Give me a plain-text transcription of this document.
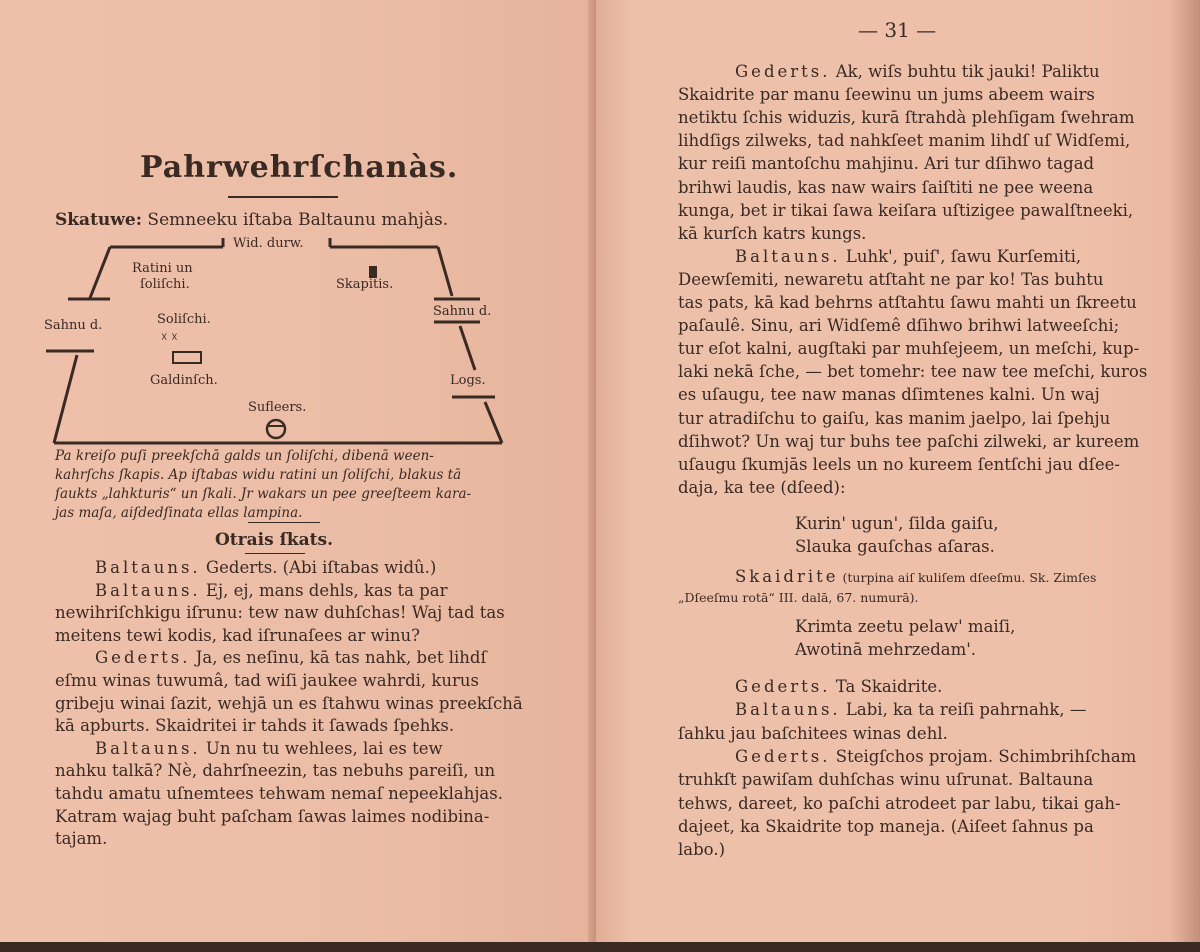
Pahrwehrſchanàs.
Skatuwe: Semneeku iſtaba Baltaunu mahjàs.
☓ ☓
Wid. durw.
Ratini un
ſoliſchi.	Skapitis.
Sahnu d.
Sahnu d.
Soliſchi.
Galdinſch.	Logs.
Sufleers.
Pa kreiſo puſi preekſchā galds un ſoliſchi, dibenā ween-
kahrſchs ſkapis. Ap iſtabas widu ratini un ſoliſchi, blakus tā
ſaukts „lahkturis“ un ſkali. Jr wakars un pee greeſteem kara-
jas maſa, aiſdedſinata ellas lampina.
Otrais ſkats.
Baltauns. Gederts. (Abi iſtabas widû.)
Baltauns. Ej, ej, mans dehls, kas ta par
newihriſchkigu iſrunu: tew naw duhſchas! Waj tad tas
meitens tewi kodis, kad iſrunaſees ar winu?
Gederts. Ja, es neſinu, kā tas nahk, bet lihdſ
eſmu winas tuwumâ, tad wiſi jaukee wahrdi, kurus
gribeju winai ſazit, wehjā un es ſtahwu winas preekſchā
kā apburts. Skaidritei ir tahds it ſawads ſpehks.
Baltauns. Un nu tu wehlees, lai es tew
nahku talkā? Nè, dahrſneezin, tas nebuhs pareiſi, un
tahdu amatu uſnemtees tehwam nemaſ nepeeklahjas.
Katram wajag buht paſcham ſawas laimes nodibina-
tajam.
— 31 —
Gederts. Ak, wiſs buhtu tik jauki! Paliktu
Skaidrite par manu ſeewinu un jums abeem wairs
netiktu ſchis widuzis, kurā ſtrahdà plehſigam ſwehram
lihdſigs zilweks, tad nahkſeet manim lihdſ uſ Widſemi,
kur reiſi mantoſchu mahjinu. Ari tur dſihwo tagad
brihwi laudis, kas naw wairs ſaiſtiti ne pee weena
kunga, bet ir tikai ſawa keiſara uſtizigee pawalſtneeki,
kā kurſch katrs kungs.
Baltauns. Luhk', puiſ', ſawu Kurſemiti,
Deewſemiti, newaretu atſtaht ne par ko! Tas buhtu
tas pats, kā kad behrns atſtahtu ſawu mahti un ſkreetu
paſaulê. Sinu, ari Widſemê dſihwo brihwi latweeſchi;
tur eſot kalni, augſtaki par muhſejeem, un meſchi, kup-
laki nekā ſche, — bet tomehr: tee naw tee meſchi, kuros
es uſaugu, tee naw manas dſimtenes kalni. Un waj
tur atradiſchu to gaiſu, kas manim jaelpo, lai ſpehju
dſihwot? Un waj tur buhs tee paſchi zilweki, ar kureem
uſaugu ſkumjās leels un no kureem ſentſchi jau dſee-
daja, ka tee (dſeed):
Kurin' ugun', ſilda gaiſu,
Slauka gauſchas aſaras.
Skaidrite (turpina aiſ kuliſem dſeeſmu. Sk. Zimſes
„Dſeeſmu rotā“ III. dalā, 67. numurā).
Krimta zeetu pelaw' maiſi,
Awotinā mehrzedam'.
Gederts. Ta Skaidrite.
Baltauns. Labi, ka ta reiſi pahrnahk, —
ſahku jau baſchitees winas dehl.
Gederts. Steigſchos projam. Schimbrihſcham
truhkſt pawiſam duhſchas winu uſrunat. Baltauna
tehws, dareet, ko paſchi atrodeet par labu, tikai gah-
dajeet, ka Skaidrite top maneja. (Aiſeet ſahnus pa
labo.)
